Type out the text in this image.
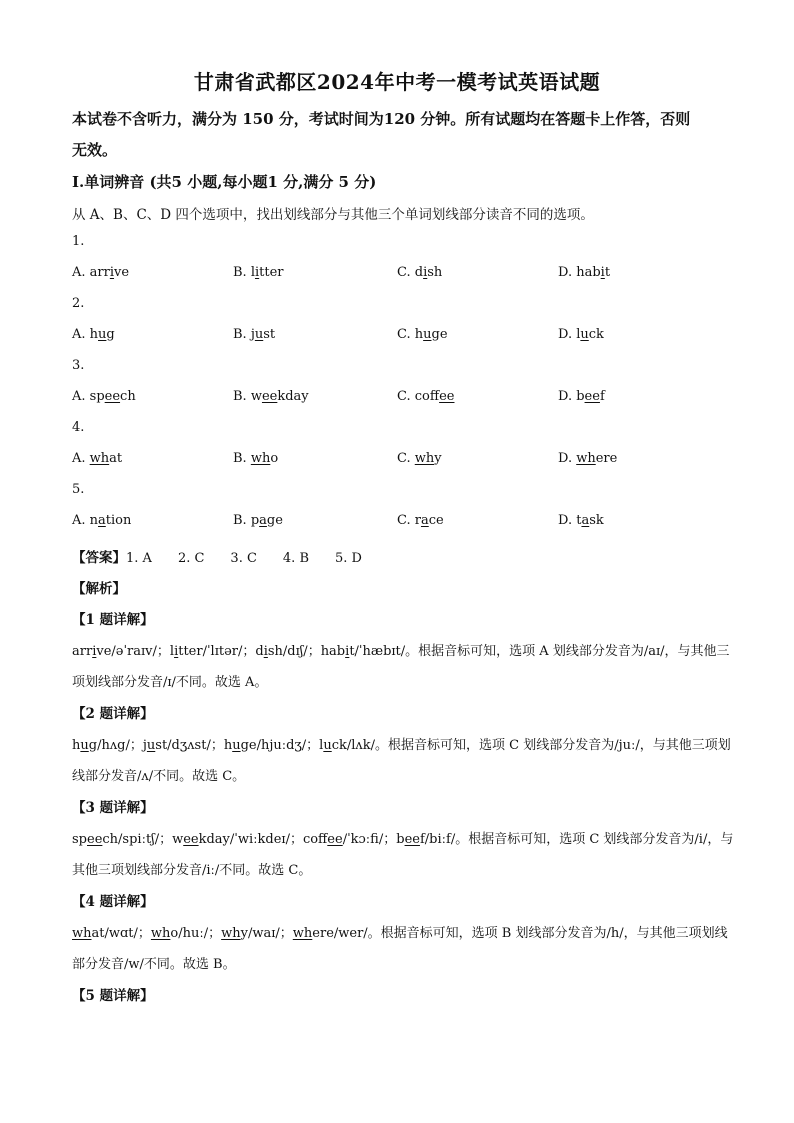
甘肃省武都区2024年中考一模考试英语试题
本试卷不含听力，满分为 150 分，考试时间为120 分钟。所有试题均在答题卡上作答，否则
无效。
Ⅰ.单词辨音 (共5 小题,每小题1 分,满分 5 分)
从 A、B、C、D 四个选项中，找出划线部分与其他三个单词划线部分读音不同的选项。
1.
A. arrive	B. litter	C. dish	D. habit
2.
A. hug	B. just	C. huge	D. luck
3.
A. speech	B. weekday	C. coffee	D. beef
4.
A. what	B. who	C. why	D. where
5.
A. nation	B. page	C. race	D. task
【答案】1. A 2. C 3. C 4. B 5. D
【解析】
【1 题详解】
arrive/əˈraɪv/；litter/ˈlɪtər/；dish/dɪʃ/；habit/ˈhæbɪt/。根据音标可知，选项 A 划线部分发音为/aɪ/，与其他三
项划线部分发音/ɪ/不同。故选 A。
【2 题详解】
hug/hʌg/；just/dʒʌst/；huge/hjuːdʒ/；luck/lʌk/。根据音标可知，选项 C 划线部分发音为/juː/，与其他三项划
线部分发音/ʌ/不同。故选 C。
【3 题详解】
speech/spiːtʃ/；weekday/ˈwiːkdeɪ/；coffee/ˈkɔːfi/；beef/biːf/。根据音标可知，选项 C 划线部分发音为/i/，与
其他三项划线部分发音/iː/不同。故选 C。
【4 题详解】
what/wɑt/；who/huː/；why/waɪ/；where/wer/。根据音标可知，选项 B 划线部分发音为/h/，与其他三项划线
部分发音/w/不同。故选 B。
【5 题详解】
